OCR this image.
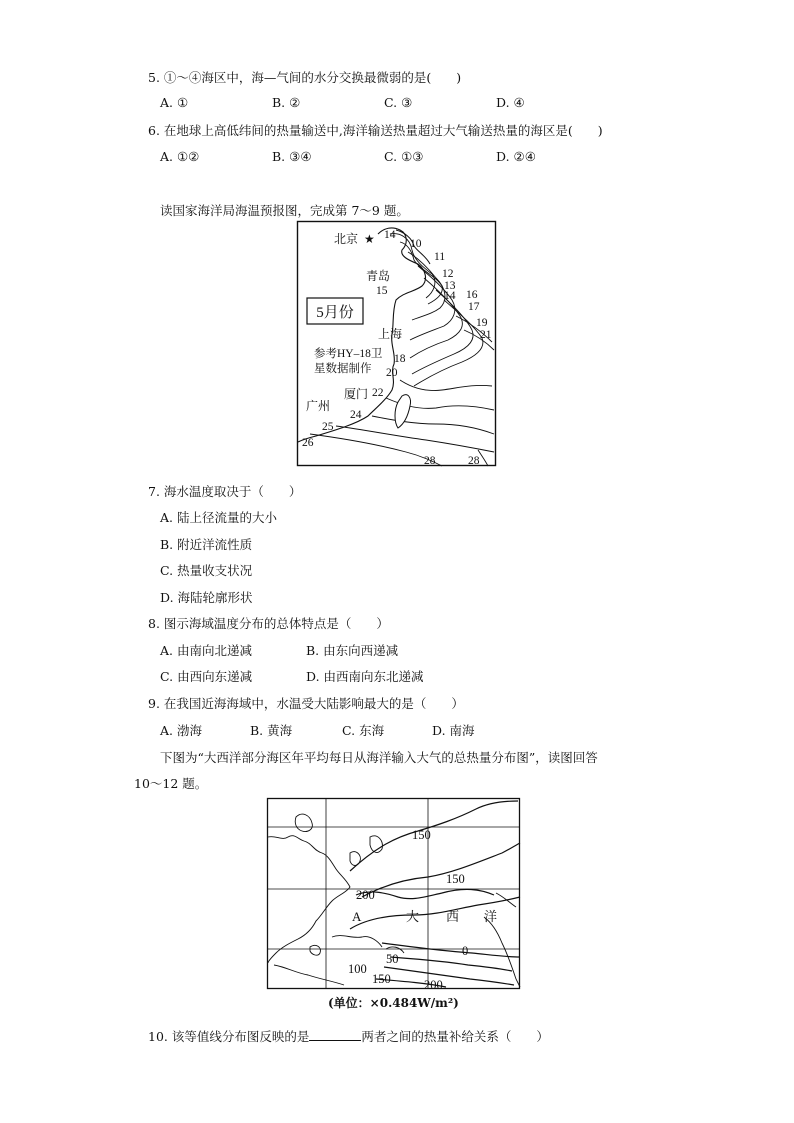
5. ①～④海区中，海—气间的水分交换最微弱的是(　　)
A. ①	B. ②	C. ③	D. ④
6. 在地球上高低纬间的热量输送中,海洋输送热量超过大气输送热量的海区是(　　)
A. ①②	B. ③④	C. ①③	D. ②④
读国家海洋局海温预报图，完成第 7～9 题。
5月份
北京 ★
青岛
上海
厦门
广州
参考HY–18卫
星数据制作
14
10
11
12
13
14
15	16
17
19
21
18
20
22
24
25
26
28	28
7. 海水温度取决于（　　）
A. 陆上径流量的大小
B. 附近洋流性质
C. 热量收支状况
D. 海陆轮廓形状
8. 图示海域温度分布的总体特点是（　　）
A. 由南向北递减	B. 由东向西递减
C. 由西向东递减	D. 由西南向东北递减
9. 在我国近海海域中，水温受大陆影响最大的是（　　）
A. 渤海	B. 黄海	C. 东海	D. 南海
下图为“大西洋部分海区年平均每日从海洋输入大气的总热量分布图”，读图回答
10～12 题。
150
150
200
A	大 西 洋
0
50
100
150	200
(单位：×0.484W/m²)
10. 该等值线分布图反映的是	两者之间的热量补给关系（　　）
